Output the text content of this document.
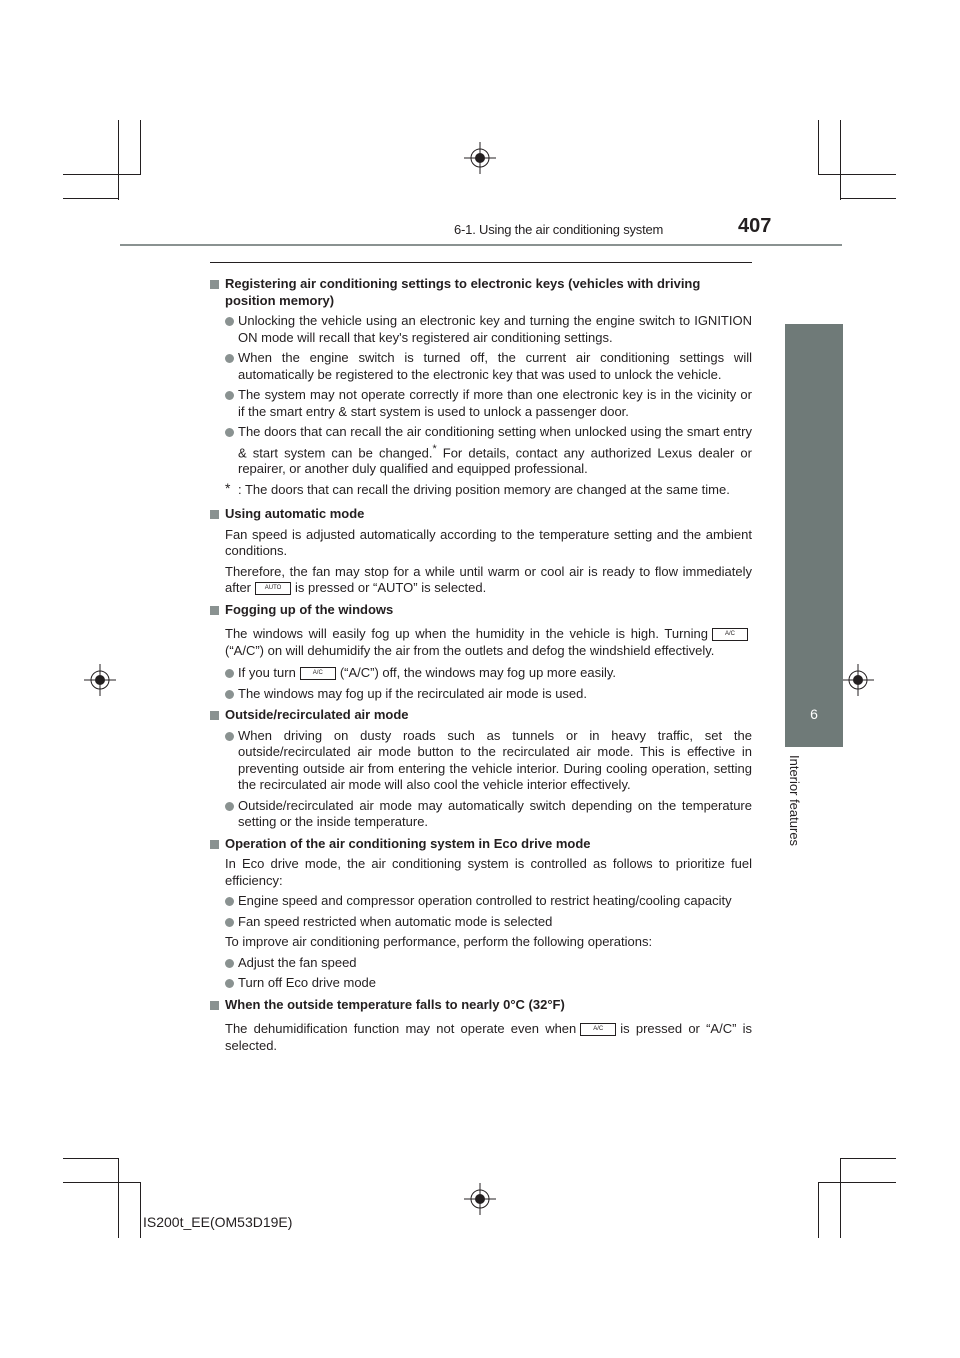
6-1. Using the air conditioning system	407
6
Interior features
Registering air conditioning settings to electronic keys (vehicles with driving position memory)
Unlocking the vehicle using an electronic key and turning the engine switch to IGNITION ON mode will recall that key's registered air conditioning settings.
When the engine switch is turned off, the current air conditioning settings will automatically be registered to the electronic key that was used to unlock the vehicle.
The system may not operate correctly if more than one electronic key is in the vicinity or if the smart entry & start system is used to unlock a passenger door.
The doors that can recall the air conditioning setting when unlocked using the smart entry & start system can be changed.* For details, contact any authorized Lexus dealer or repairer, or another duly qualified and equipped professional.
* : The doors that can recall the driving position memory are changed at the same time.
Using automatic mode
Fan speed is adjusted automatically according to the temperature setting and the ambient conditions.
Therefore, the fan may stop for a while until warm or cool air is ready to flow immediately after AUTO is pressed or “AUTO” is selected.
Fogging up of the windows
The windows will easily fog up when the humidity in the vehicle is high. Turning	A/C(“A/C”) on will dehumidify the air from the outlets and defog the windshield effectively.
If you turn	A/C (“A/C”) off, the windows may fog up more easily.
The windows may fog up if the recirculated air mode is used.
Outside/recirculated air mode
When driving on dusty roads such as tunnels or in heavy traffic, set the outside/recirculated air mode button to the recirculated air mode. This is effective in preventing outside air from entering the vehicle interior. During cooling operation, setting the recirculated air mode will also cool the vehicle interior effectively.
Outside/recirculated air mode may automatically switch depending on the temperature setting or the inside temperature.
Operation of the air conditioning system in Eco drive mode
In Eco drive mode, the air conditioning system is controlled as follows to prioritize fuel efficiency:
Engine speed and compressor operation controlled to restrict heating/cooling capacity
Fan speed restricted when automatic mode is selected
To improve air conditioning performance, perform the following operations:
Adjust the fan speed
Turn off Eco drive mode
When the outside temperature falls to nearly 0°C (32°F)
The dehumidification function may not operate even when	A/C is pressed or “A/C” is selected.
IS200t_EE(OM53D19E)
